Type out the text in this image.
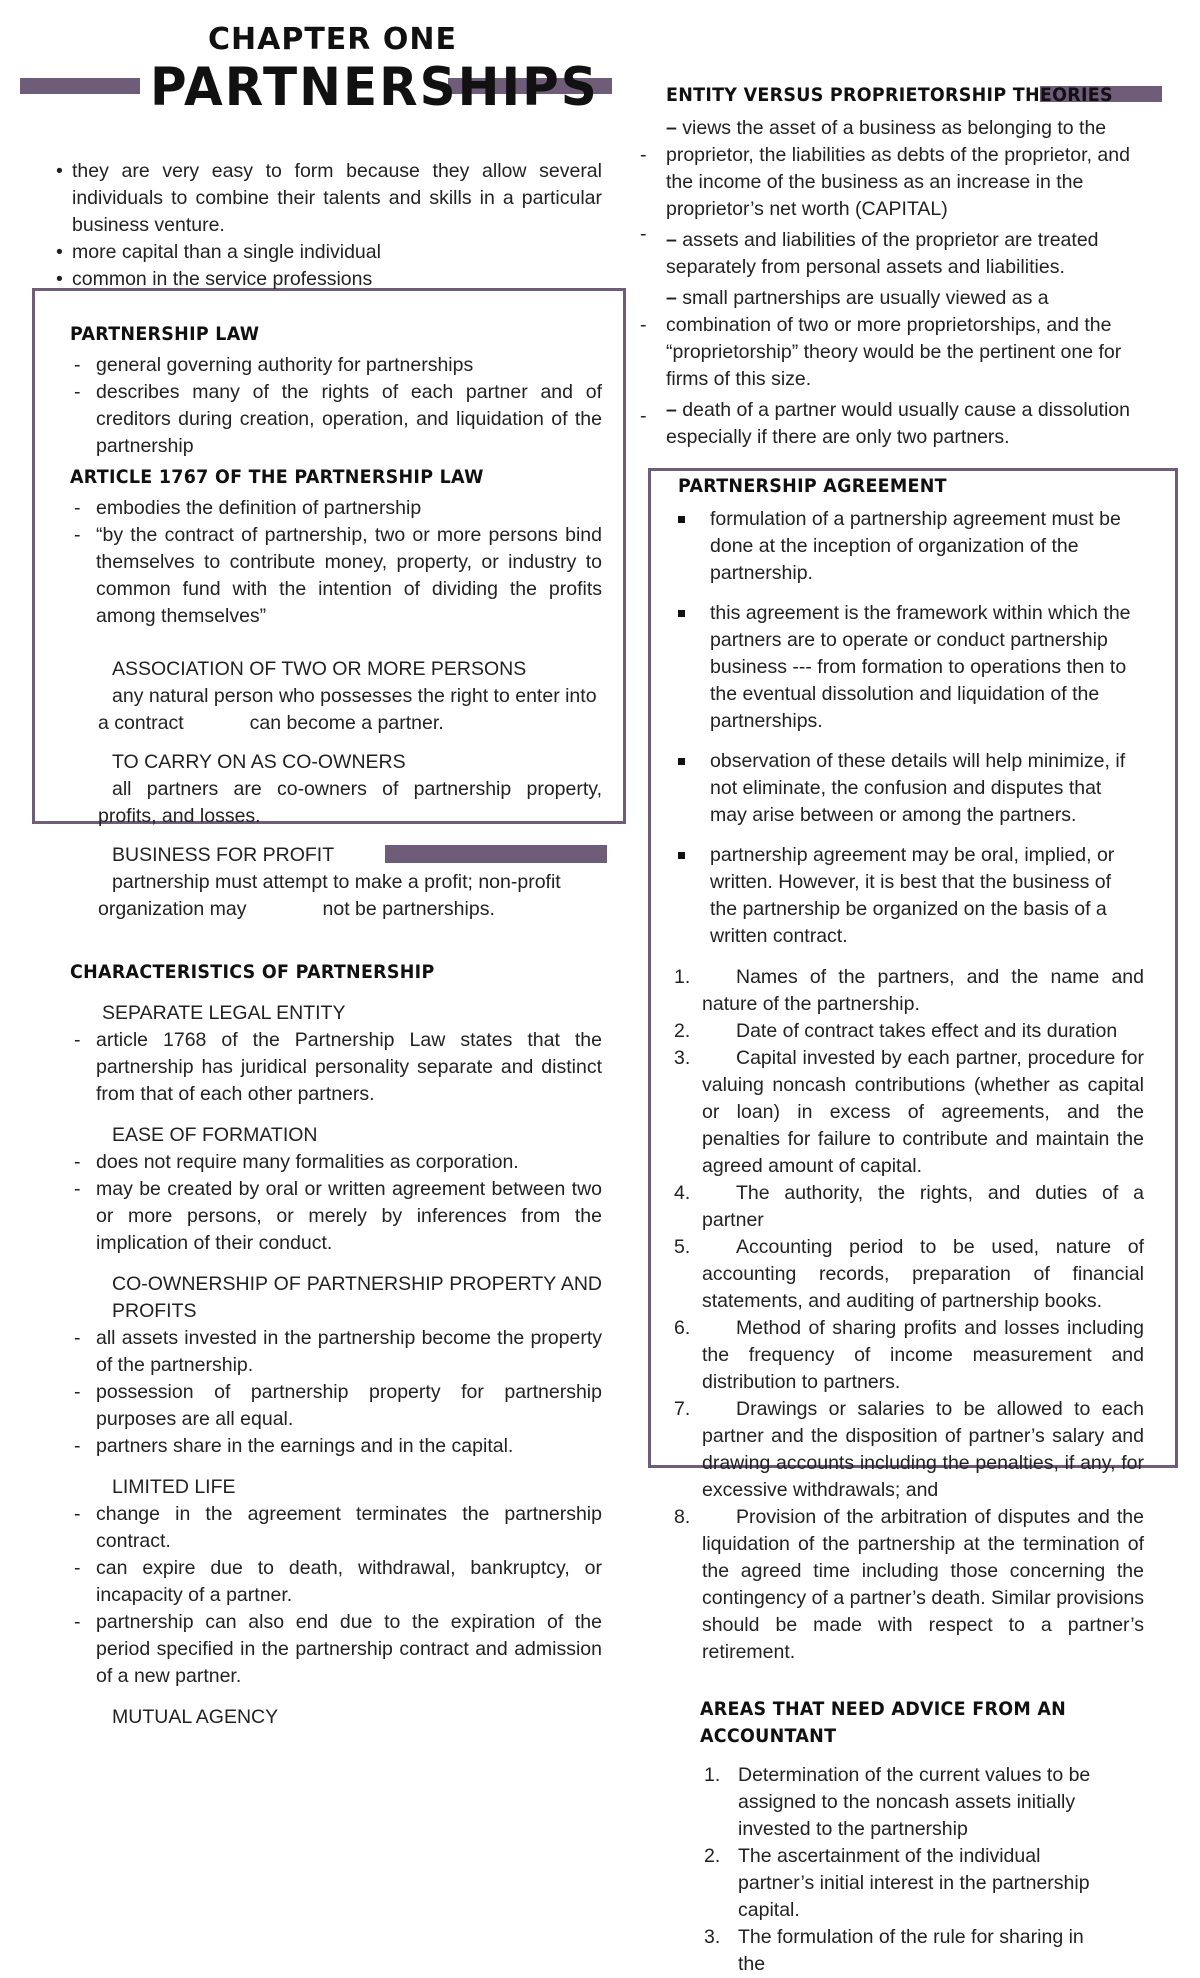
CHAPTER ONE
PARTNERSHIPS
• they are very easy to form because they allow several individuals to combine their talents and skills in a particular business venture.
• more capital than a single individual
• common in the service professions

PARTNERSHIP LAW

- general governing authority for partnerships
- describes many of the rights of each partner and of creditors during creation, operation, and liquidation of the partnership

ARTICLE 1767 OF THE PARTNERSHIP LAW

- embodies the definition of partnership
- “by the contract of partnership, two or more persons bind themselves to contribute money, property, or industry to common fund with the intention of dividing the profits among themselves”

ASSOCIATION OF TWO OR MORE PERSONS

any natural person who possesses the right to enter into

a contract	can become a partner.

TO CARRY ON AS CO-OWNERS

all partners are co-owners of partnership property, profits, and losses.

BUSINESS FOR PROFIT

partnership must attempt to make a profit; non-profit

organization may	not be partnerships.

CHARACTERISTICS OF PARTNERSHIP

SEPARATE LEGAL ENTITY

- article 1768 of the Partnership Law states that the partnership has juridical personality separate and distinct from that of each other partners.

EASE OF FORMATION

- does not require many formalities as corporation.
- may be created by oral or written agreement between two or more persons, or merely by inferences from the implication of their conduct.

CO-OWNERSHIP OF PARTNERSHIP PROPERTY AND PROFITS

- all assets invested in the partnership become the property of the partnership.
- possession of partnership property for partnership purposes are all equal.
- partners share in the earnings and in the capital.

LIMITED LIFE

- change in the agreement terminates the partnership contract.
- can expire due to death, withdrawal, bankruptcy, or incapacity of a partner.
- partnership can also end due to the expiration of the period specified in the partnership contract and admission of a new partner.

MUTUAL AGENCY

ENTITY VERSUS PROPRIETORSHIP THEORIES

– views the asset of a business as belonging to the

- proprietor, the liabilities as debts of the proprietor, and the income of the business as an increase in the proprietor’s net worth (CAPITAL)

- – assets and liabilities of the proprietor are treated

separately from personal assets and liabilities.

– small partnerships are usually viewed as a

- combination of two or more proprietorships, and the “proprietorship” theory would be the pertinent one for firms of this size.

- – death of a partner would usually cause a dissolution

especially if there are only two partners.

PARTNERSHIP AGREEMENT

formulation of a partnership agreement must be done at the inception of organization of the partnership.
this agreement is the framework within which the partners are to operate or conduct partnership business --- from formation to operations then to the eventual dissolution and liquidation of the partnerships.
observation of these details will help minimize, if not eliminate, the confusion and disputes that may arise between or among the partners.
partnership agreement may be oral, implied, or written. However, it is best that the business of the partnership be organized on the basis of a written contract.
1. Names of the partners, and the name and nature of the partnership.
2. Date of contract takes effect and its duration
3. Capital invested by each partner, procedure for valuing noncash contributions (whether as capital or loan) in excess of agreements, and the penalties for failure to contribute and maintain the agreed amount of capital.
4. The authority, the rights, and duties of a partner
5. Accounting period to be used, nature of accounting records, preparation of financial statements, and auditing of partnership books.
6. Method of sharing profits and losses including the frequency of income measurement and distribution to partners.
7. Drawings or salaries to be allowed to each partner and the disposition of partner’s salary and drawing accounts including the penalties, if any, for excessive withdrawals; and
8. Provision of the arbitration of disputes and the liquidation of the partnership at the termination of the agreed time including those concerning the contingency of a partner’s death. Similar provisions should be made with respect to a partner’s retirement.

AREAS THAT NEED ADVICE FROM AN ACCOUNTANT

1. Determination of the current values to be assigned to the noncash assets initially invested to the partnership
2. The ascertainment of the individual partner’s initial interest in the partnership capital.
3. The formulation of the rule for sharing in the
